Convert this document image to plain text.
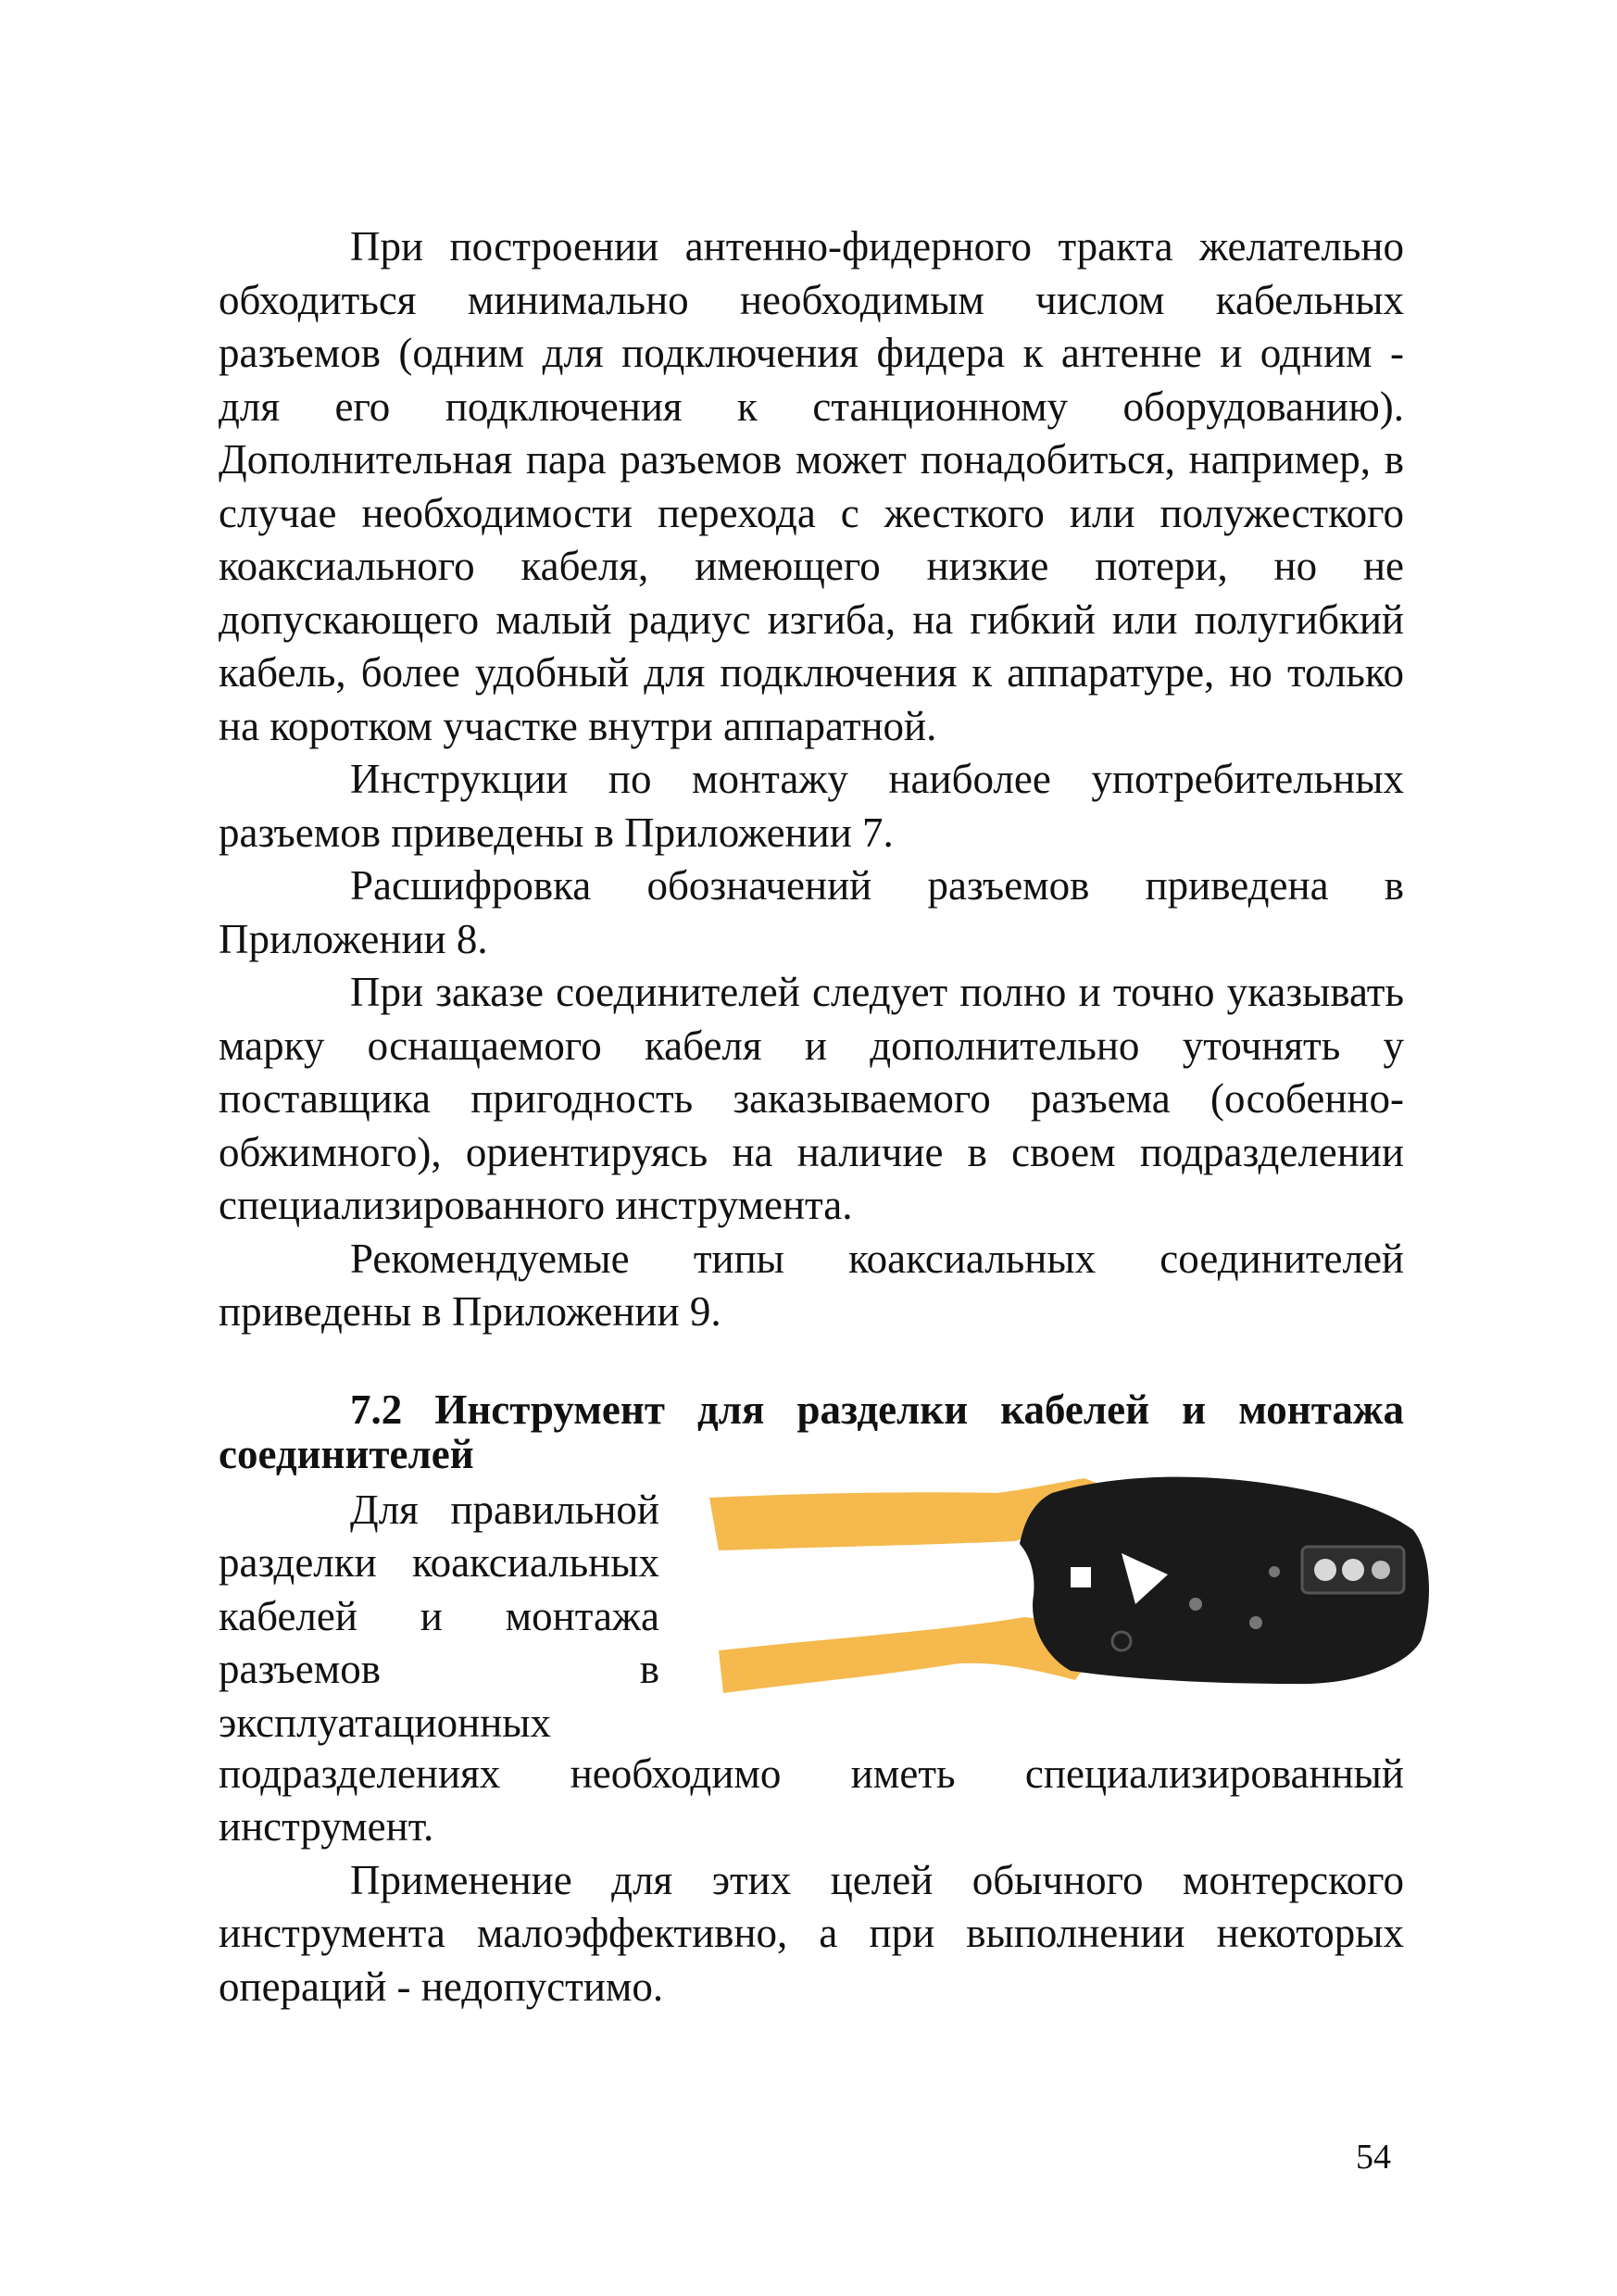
При построении антенно-фидерного тракта желательно обходиться минимально необходимым числом кабельных разъемов (одним для подключения фидера к антенне и одним - для его подключения к станционному оборудованию). Дополнительная пара разъемов может понадобиться, например, в случае необходимости перехода с жесткого или полужесткого коаксиального кабеля, имеющего низкие потери, но не допускающего малый радиус изгиба, на гибкий или полугибкий кабель, более удобный для подключения к аппаратуре, но только на коротком участке внутри аппаратной.

Инструкции по монтажу наиболее употребительных разъемов приведены в Приложении 7.

Расшифровка обозначений разъемов приведена в Приложении 8.

При заказе соединителей следует полно и точно указывать марку оснащаемого кабеля и дополнительно уточнять у поставщика пригодность заказываемого разъема (особенно-обжимного), ориентируясь на наличие в своем подразделении специализированного инструмента.

Рекомендуемые типы коаксиальных соединителей приведены в Приложении 9.

7.2 Инструмент для разделки кабелей и монтажа соединителей

Для правильной разделки коаксиальных кабелей и монтажа разъемов в эксплуатационных

подразделениях необходимо иметь специализированный инструмент.

Применение для этих целей обычного монтерского инструмента малоэффективно, а при выполнении некоторых операций - недопустимо.

54
